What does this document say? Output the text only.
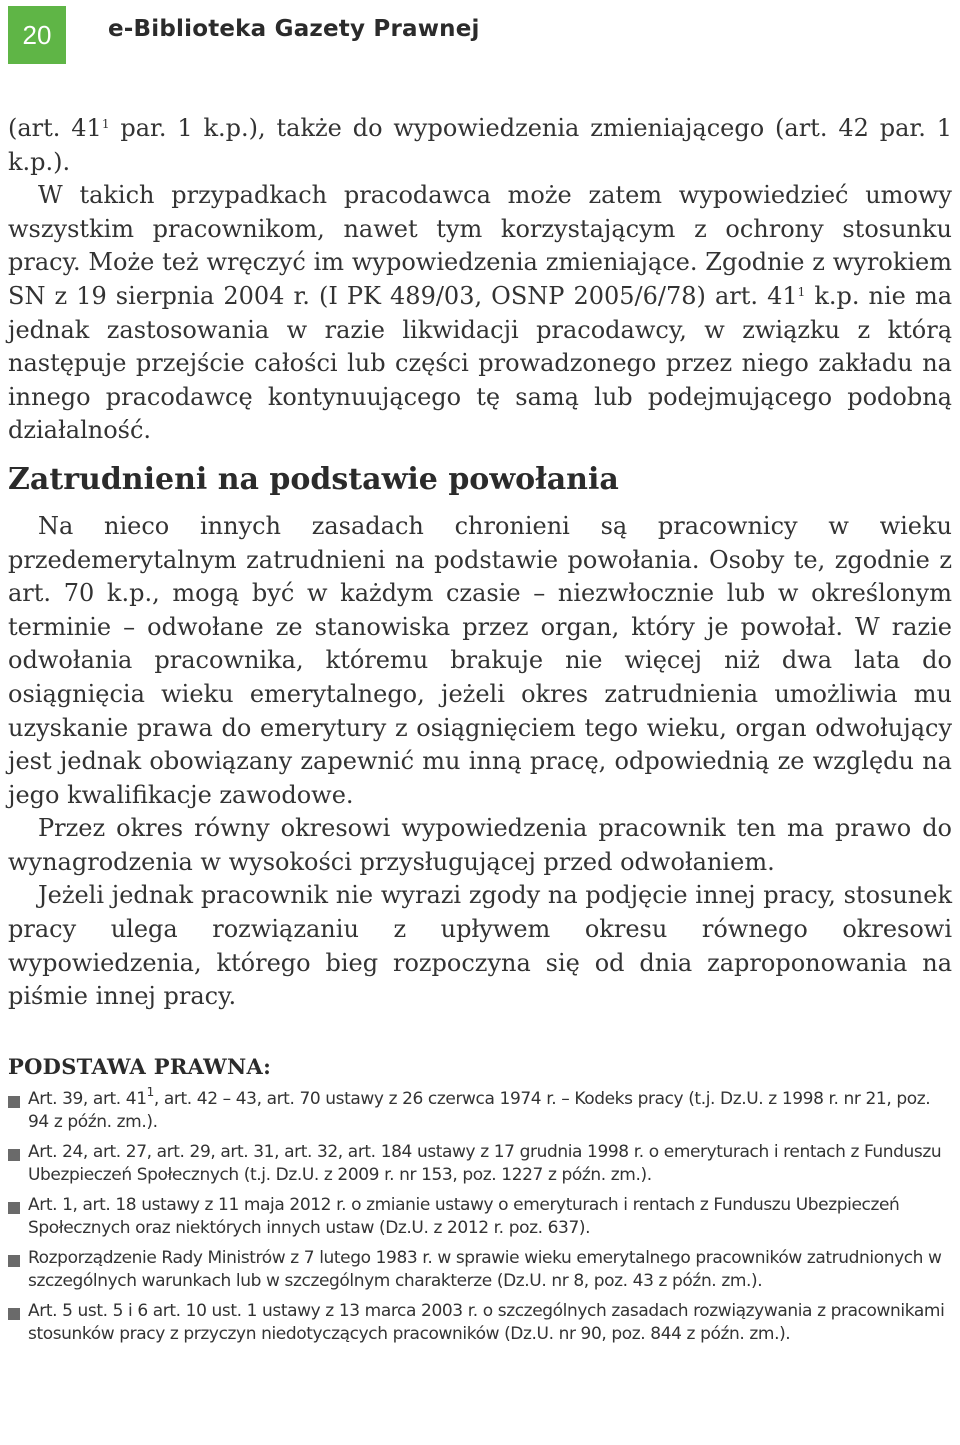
20	e-Biblioteka Gazety Prawnej

(art. $41^1$ par. 1 k.p.), także do wypowiedzenia zmieniającego (art. 42 par. 1 k.p.).

W takich przypadkach pracodawca może zatem wypowiedzieć umowy wszystkim pracownikom, nawet tym korzystającym z ochrony stosunku pracy. Może też wręczyć im wypowiedzenia zmieniające. Zgodnie z wyrokiem SN z 19 sierpnia 2004 r. (I PK 489/03, OSNP 2005/6/78) art. $41^1$ k.p. nie ma jednak zastosowania w razie likwidacji pracodawcy, w związku z którą następuje przejście całości lub części prowadzonego przez niego zakładu na innego pracodawcę kontynuującego tę samą lub podejmującego podobną działalność.

Zatrudnieni na podstawie powołania

Na nieco innych zasadach chronieni są pracownicy w wieku przedemerytalnym zatrudnieni na podstawie powołania. Osoby te, zgodnie z art. 70 k.p., mogą być w każdym czasie – niezwłocznie lub w określonym terminie – odwołane ze stanowiska przez organ, który je powołał. W razie odwołania pracownika, któremu brakuje nie więcej niż dwa lata do osiągnięcia wieku emerytalnego, jeżeli okres zatrudnienia umożliwia mu uzyskanie prawa do emerytury z osiągnięciem tego wieku, organ odwołujący jest jednak obowiązany zapewnić mu inną pracę, odpowiednią ze względu na jego kwalifikacje zawodowe.

Przez okres równy okresowi wypowiedzenia pracownik ten ma prawo do wynagrodzenia w wysokości przysługującej przed odwołaniem.

Jeżeli jednak pracownik nie wyrazi zgody na podjęcie innej pracy, stosunek pracy ulega rozwiązaniu z upływem okresu równego okresowi wypowiedzenia, którego bieg rozpoczyna się od dnia zaproponowania na piśmie innej pracy.

PODSTAWA PRAWNA:
Art. 39, art. $41^1$, art. 42 – 43, art. 70 ustawy z 26 czerwca 1974 r. – Kodeks pracy (t.j. Dz.U. z 1998 r. nr 21, poz. 94 z późn. zm.).
Art. 24, art. 27, art. 29, art. 31, art. 32, art. 184 ustawy z 17 grudnia 1998 r. o emeryturach i rentach z Funduszu Ubezpieczeń Społecznych (t.j. Dz.U. z 2009 r. nr 153, poz. 1227 z późn. zm.).
Art. 1, art. 18 ustawy z 11 maja 2012 r. o zmianie ustawy o emeryturach i rentach z Funduszu Ubezpieczeń Społecznych oraz niektórych innych ustaw (Dz.U. z 2012 r. poz. 637).
Rozporządzenie Rady Ministrów z 7 lutego 1983 r. w sprawie wieku emerytalnego pracowników zatrudnionych w szczególnych warunkach lub w szczególnym charakterze (Dz.U. nr 8, poz. 43 z późn. zm.).
Art. 5 ust. 5 i 6 art. 10 ust. 1 ustawy z 13 marca 2003 r. o szczególnych zasadach rozwiązywania z pracownikami stosunków pracy z przyczyn niedotyczących pracowników (Dz.U. nr 90, poz. 844 z późn. zm.).
